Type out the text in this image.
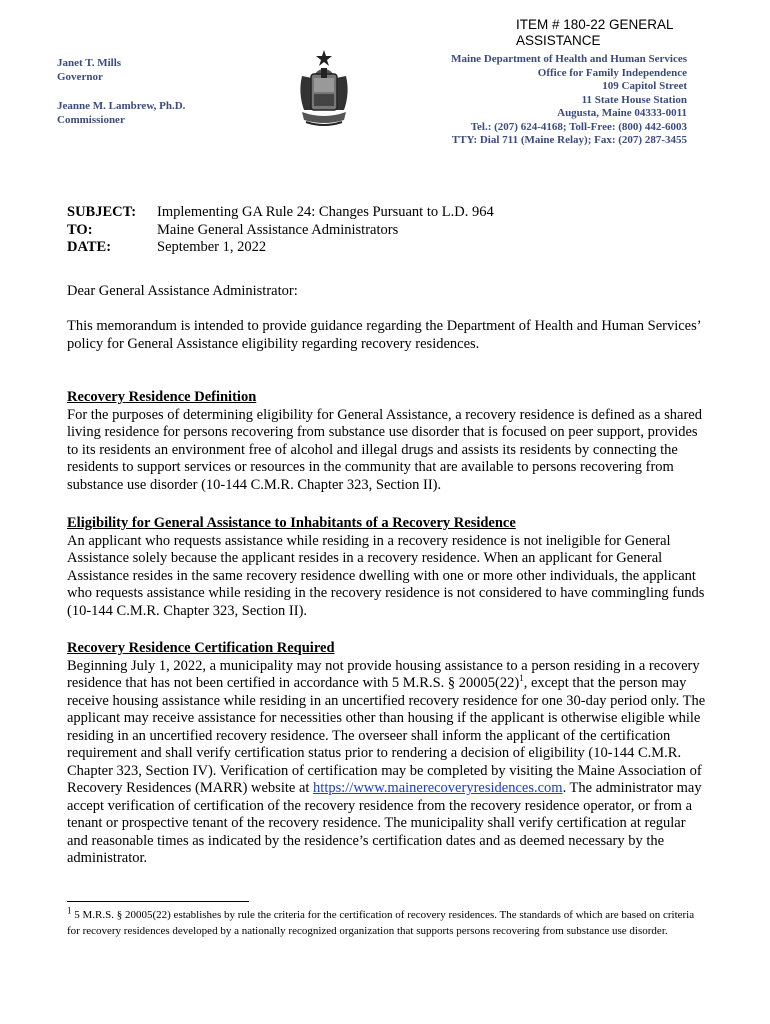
ITEM # 180-22 GENERAL ASSISTANCE
Janet T. Mills
Governor
Jeanne M. Lambrew, Ph.D.
Commissioner
Maine Department of Health and Human Services
Office for Family Independence
109 Capitol Street
11 State House Station
Augusta, Maine 04333-0011
Tel.: (207) 624-4168; Toll-Free: (800) 442-6003
TTY: Dial 711 (Maine Relay); Fax: (207) 287-3455
SUBJECT:	Implementing GA Rule 24: Changes Pursuant to L.D. 964
TO:	Maine General Assistance Administrators
DATE:	September 1, 2022
Dear General Assistance Administrator:
This memorandum is intended to provide guidance regarding the Department of Health and Human Services’ policy for General Assistance eligibility regarding recovery residences.
Recovery Residence Definition
For the purposes of determining eligibility for General Assistance, a recovery residence is defined as a shared living residence for persons recovering from substance use disorder that is focused on peer support, provides to its residents an environment free of alcohol and illegal drugs and assists its residents by connecting the residents to support services or resources in the community that are available to persons recovering from substance use disorder (10-144 C.M.R. Chapter 323, Section II).
Eligibility for General Assistance to Inhabitants of a Recovery Residence
An applicant who requests assistance while residing in a recovery residence is not ineligible for General Assistance solely because the applicant resides in a recovery residence. When an applicant for General Assistance resides in the same recovery residence dwelling with one or more other individuals, the applicant who requests assistance while residing in the recovery residence is not considered to have commingling funds (10-144 C.M.R. Chapter 323, Section II).
Recovery Residence Certification Required
Beginning July 1, 2022, a municipality may not provide housing assistance to a person residing in a recovery residence that has not been certified in accordance with 5 M.R.S. § $20005(22)^1$, except that the person may receive housing assistance while residing in an uncertified recovery residence for one 30-day period only. The applicant may receive assistance for necessities other than housing if the applicant is otherwise eligible while residing in an uncertified recovery residence. The overseer shall inform the applicant of the certification requirement and shall verify certification status prior to rendering a decision of eligibility (10-144 C.M.R. Chapter 323, Section IV). Verification of certification may be completed by visiting the Maine Association of Recovery Residences (MARR) website at https://www.mainerecoveryresidences.com. The administrator may accept verification of certification of the recovery residence from the recovery residence operator, or from a tenant or prospective tenant of the recovery residence. The municipality shall verify certification at regular and reasonable times as indicated by the residence’s certification dates and as deemed necessary by the administrator.
$^1$ 5 M.R.S. § 20005(22) establishes by rule the criteria for the certification of recovery residences. The standards of which are based on criteria for recovery residences developed by a nationally recognized organization that supports persons recovering from substance use disorder.
